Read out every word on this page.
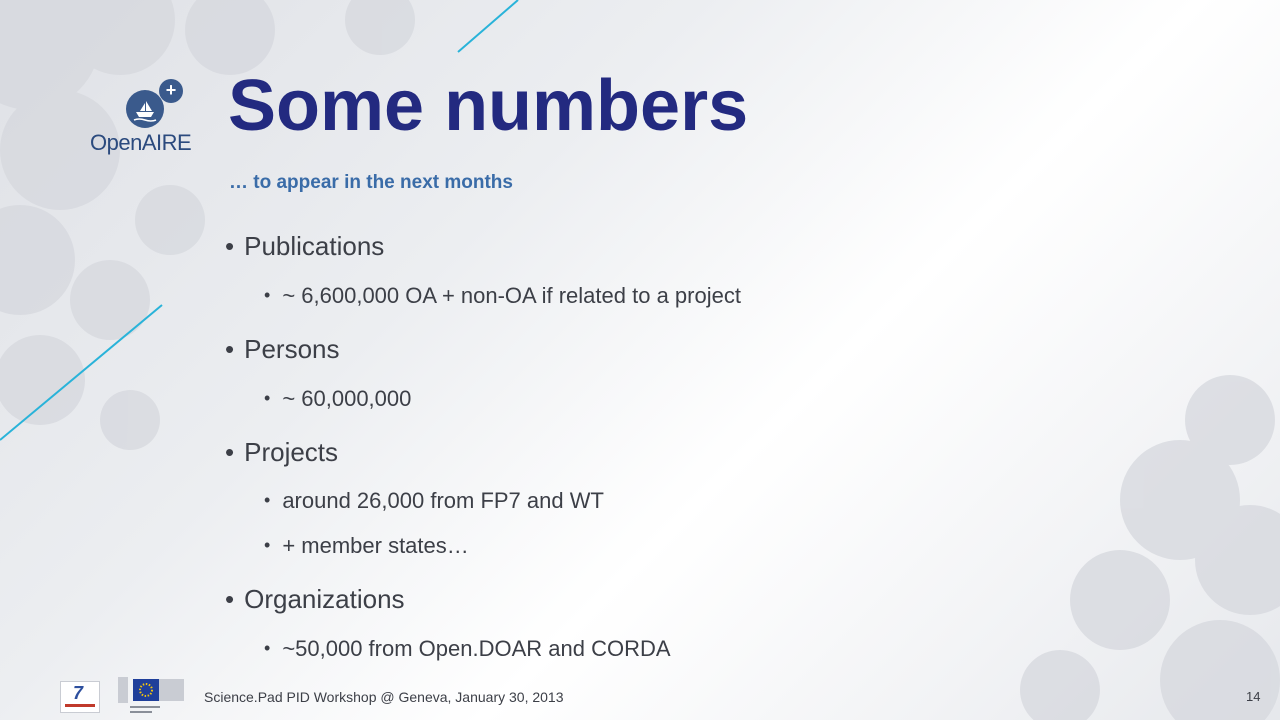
+
OpenAIRE Some numbers
… to appear in the next months
• Publications
• ~ 6,600,000 OA + non-OA if related to a project
• Persons
• ~ 60,000,000
• Projects
• around 26,000 from FP7 and WT
• + member states…
• Organizations
• ~50,000 from Open.DOAR and CORDA
7	Science.Pad PID Workshop @ Geneva, January 30, 2013	14
